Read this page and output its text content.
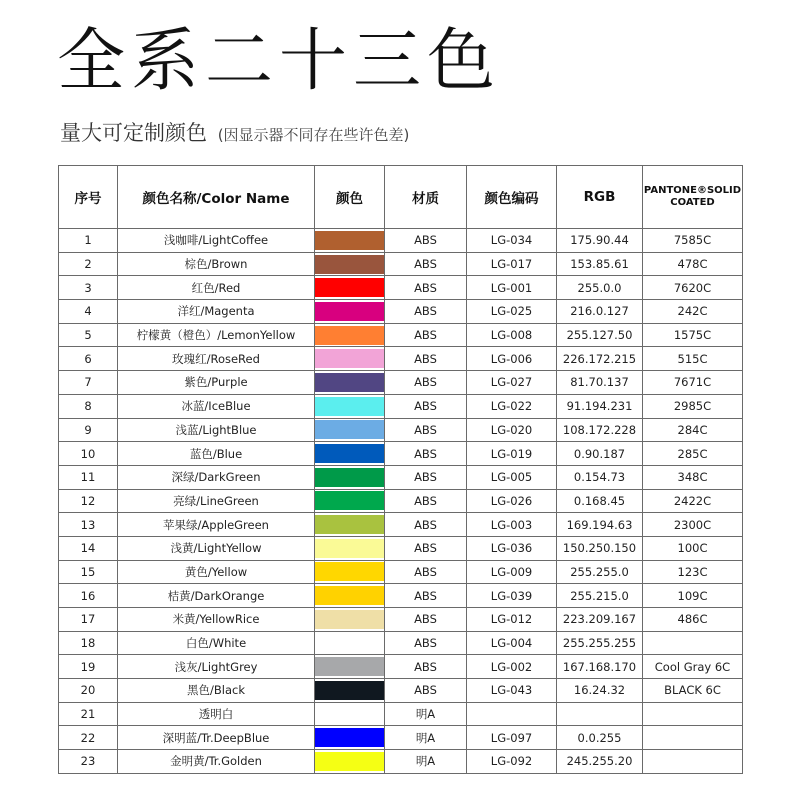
全系二十三色
量大可定制颜色 (因显示器不同存在些许色差)
序号	颜色名称/Color Name	颜色	材质	颜色编码	RGB	PANTONE®SOLID COATED
1	浅咖啡/LightCoffee		ABS	LG-034	175.90.44	7585C
2	棕色/Brown		ABS	LG-017	153.85.61	478C
3	红色/Red		ABS	LG-001	255.0.0	7620C
4	洋红/Magenta		ABS	LG-025	216.0.127	242C
5	柠檬黄（橙色）/LemonYellow		ABS	LG-008	255.127.50	1575C
6	玫瑰红/RoseRed		ABS	LG-006	226.172.215	515C
7	紫色/Purple		ABS	LG-027	81.70.137	7671C
8	冰蓝/IceBlue		ABS	LG-022	91.194.231	2985C
9	浅蓝/LightBlue		ABS	LG-020	108.172.228	284C
10	蓝色/Blue		ABS	LG-019	0.90.187	285C
11	深绿/DarkGreen		ABS	LG-005	0.154.73	348C
12	亮绿/LineGreen		ABS	LG-026	0.168.45	2422C
13	苹果绿/AppleGreen		ABS	LG-003	169.194.63	2300C
14	浅黄/LightYellow		ABS	LG-036	150.250.150	100C
15	黄色/Yellow		ABS	LG-009	255.255.0	123C
16	桔黄/DarkOrange		ABS	LG-039	255.215.0	109C
17	米黄/YellowRice		ABS	LG-012	223.209.167	486C
18	白色/White		ABS	LG-004	255.255.255	
19	浅灰/LightGrey		ABS	LG-002	167.168.170	Cool Gray 6C
20	黑色/Black		ABS	LG-043	16.24.32	BLACK 6C
21	透明白		明A			
22	深明蓝/Tr.DeepBlue		明A	LG-097	0.0.255	
23	金明黄/Tr.Golden		明A	LG-092	245.255.20	
